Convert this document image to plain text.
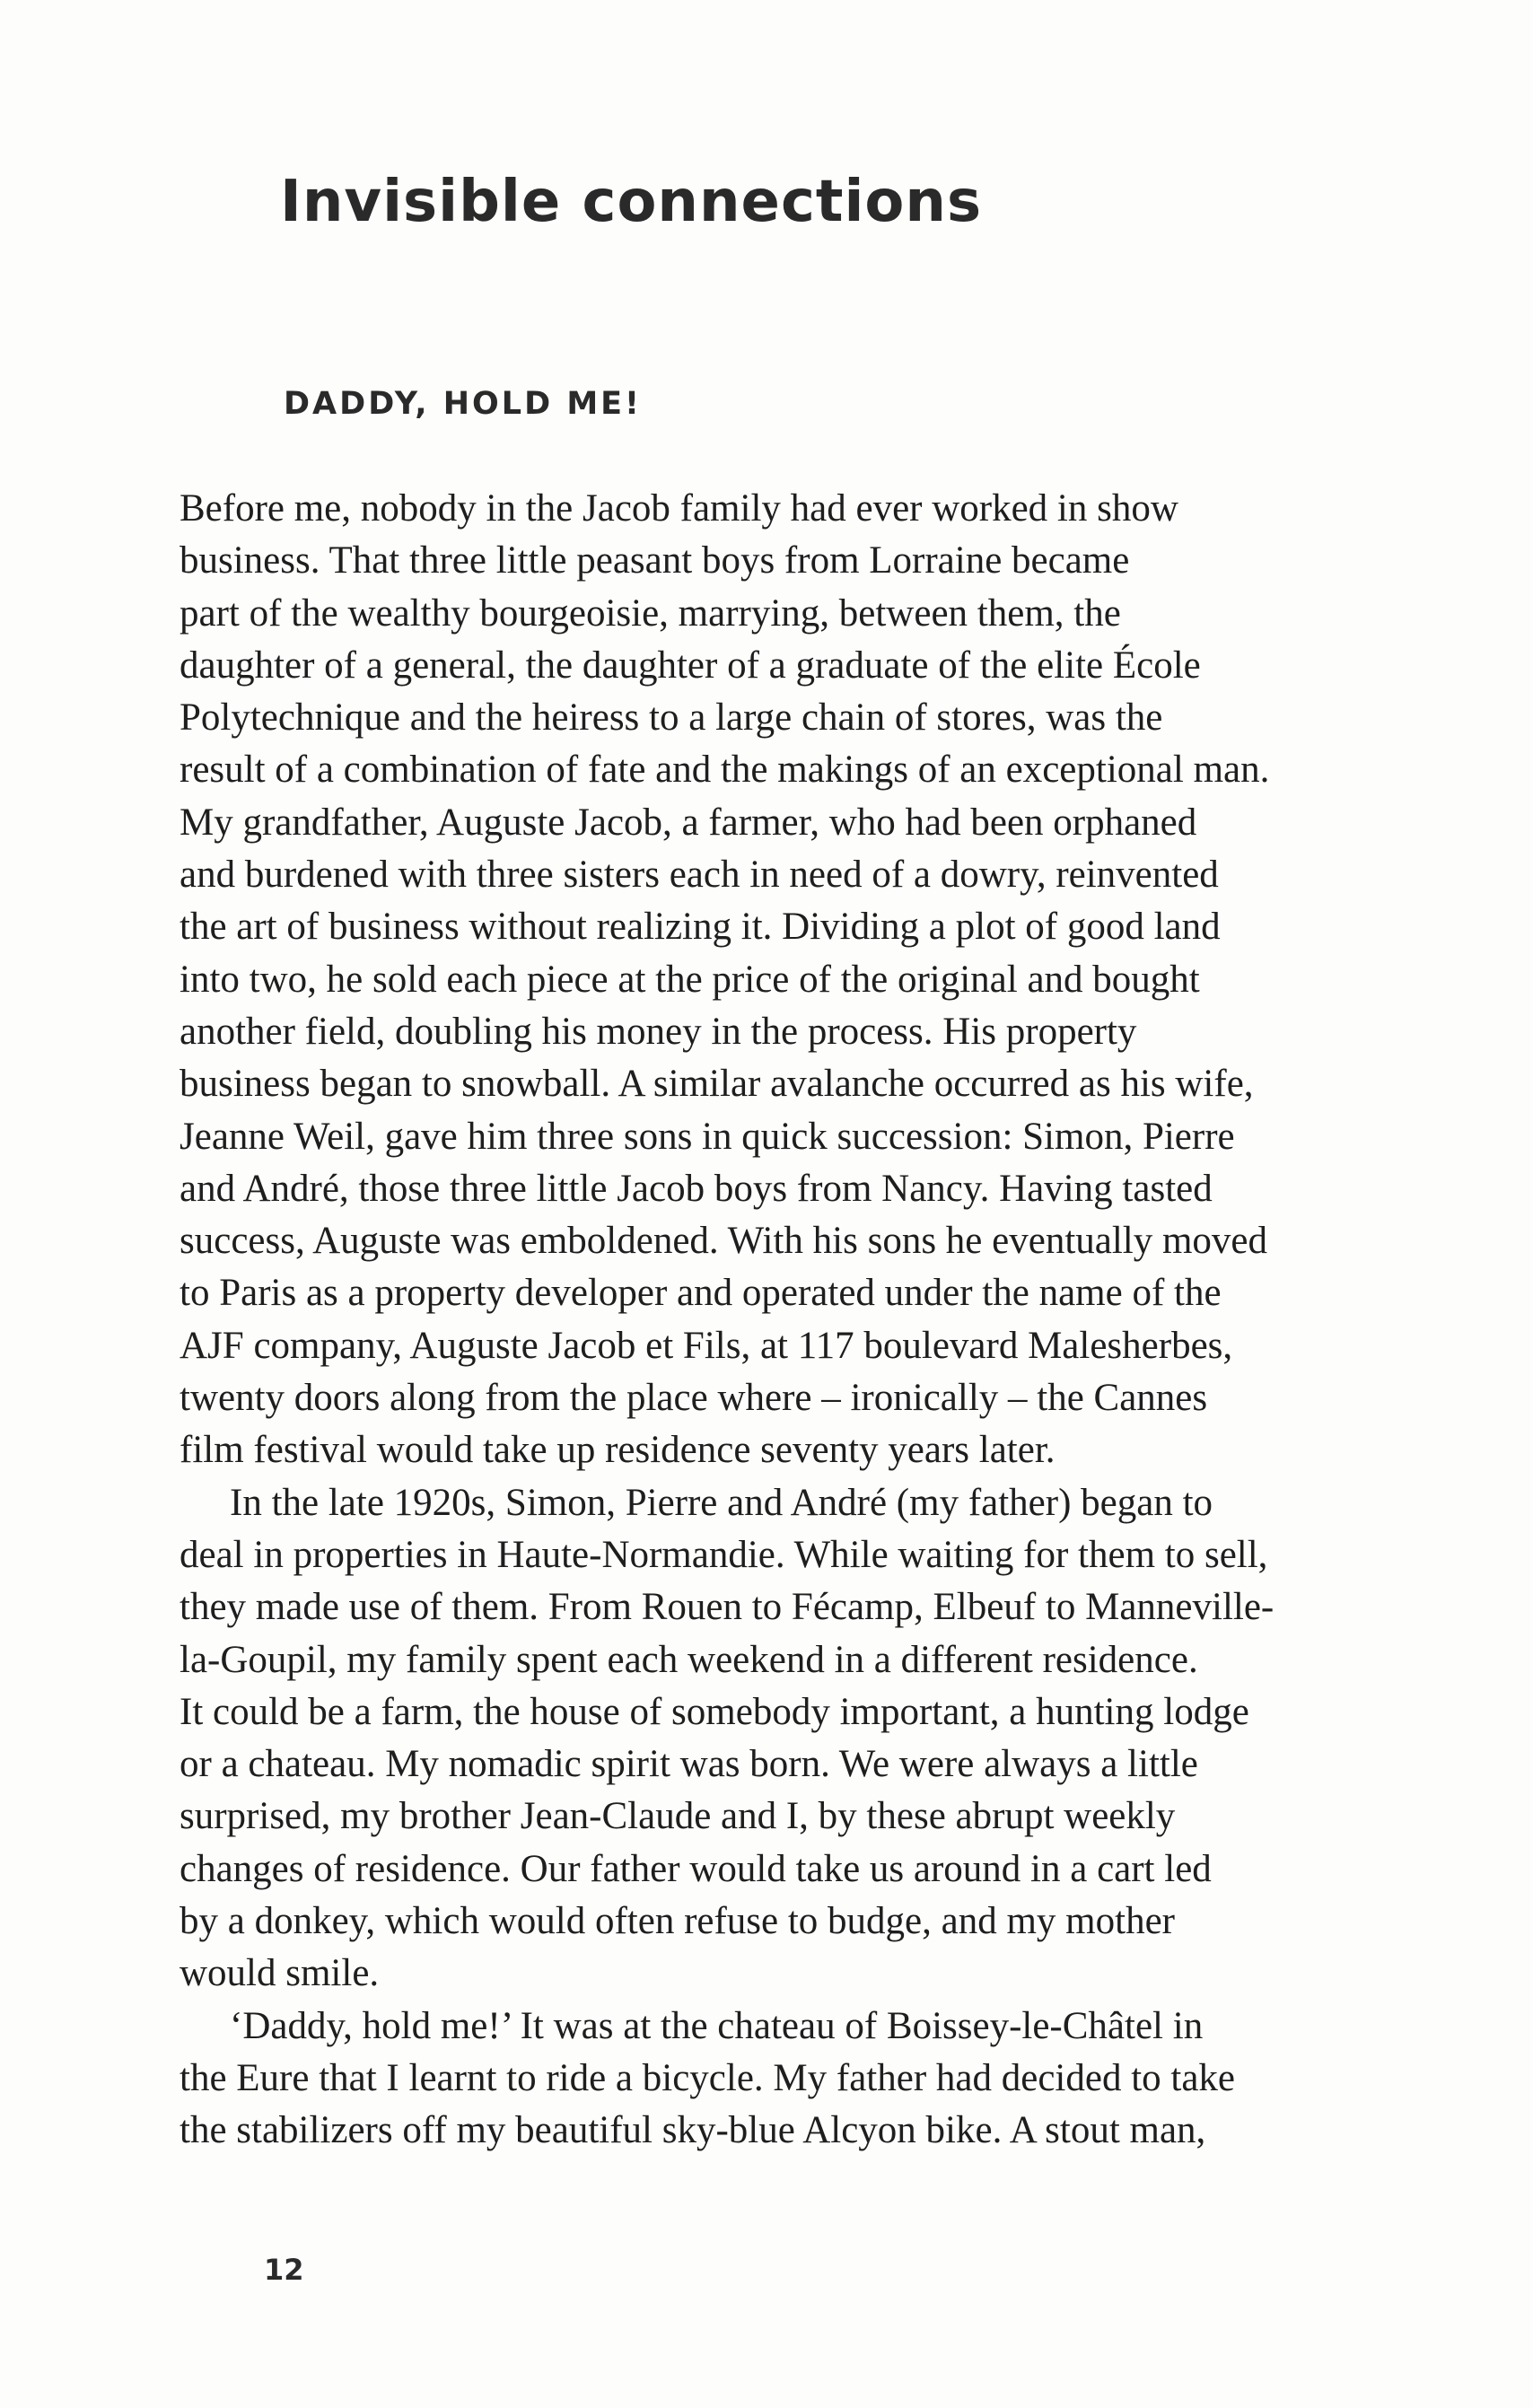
Invisible connections
DADDY, HOLD ME!
Before me, nobody in the Jacob family had ever worked in show
business. That three little peasant boys from Lorraine became
part of the wealthy bourgeoisie, marrying, between them, the
daughter of a general, the daughter of a graduate of the elite École
Polytechnique and the heiress to a large chain of stores, was the
result of a combination of fate and the makings of an exceptional man.
My grandfather, Auguste Jacob, a farmer, who had been orphaned
and burdened with three sisters each in need of a dowry, reinvented
the art of business without realizing it. Dividing a plot of good land
into two, he sold each piece at the price of the original and bought
another field, doubling his money in the process. His property
business began to snowball. A similar avalanche occurred as his wife,
Jeanne Weil, gave him three sons in quick succession: Simon, Pierre
and André, those three little Jacob boys from Nancy. Having tasted
success, Auguste was emboldened. With his sons he eventually moved
to Paris as a property developer and operated under the name of the
AJF company, Auguste Jacob et Fils, at 117 boulevard Malesherbes,
twenty doors along from the place where – ironically – the Cannes
film festival would take up residence seventy years later.
In the late 1920s, Simon, Pierre and André (my father) began to
deal in properties in Haute-Normandie. While waiting for them to sell,
they made use of them. From Rouen to Fécamp, Elbeuf to Manneville-
la-Goupil, my family spent each weekend in a different residence.
It could be a farm, the house of somebody important, a hunting lodge
or a chateau. My nomadic spirit was born. We were always a little
surprised, my brother Jean-Claude and I, by these abrupt weekly
changes of residence. Our father would take us around in a cart led
by a donkey, which would often refuse to budge, and my mother
would smile.
‘Daddy, hold me!’ It was at the chateau of Boissey-le-Châtel in
the Eure that I learnt to ride a bicycle. My father had decided to take
the stabilizers off my beautiful sky-blue Alcyon bike. A stout man,
12
